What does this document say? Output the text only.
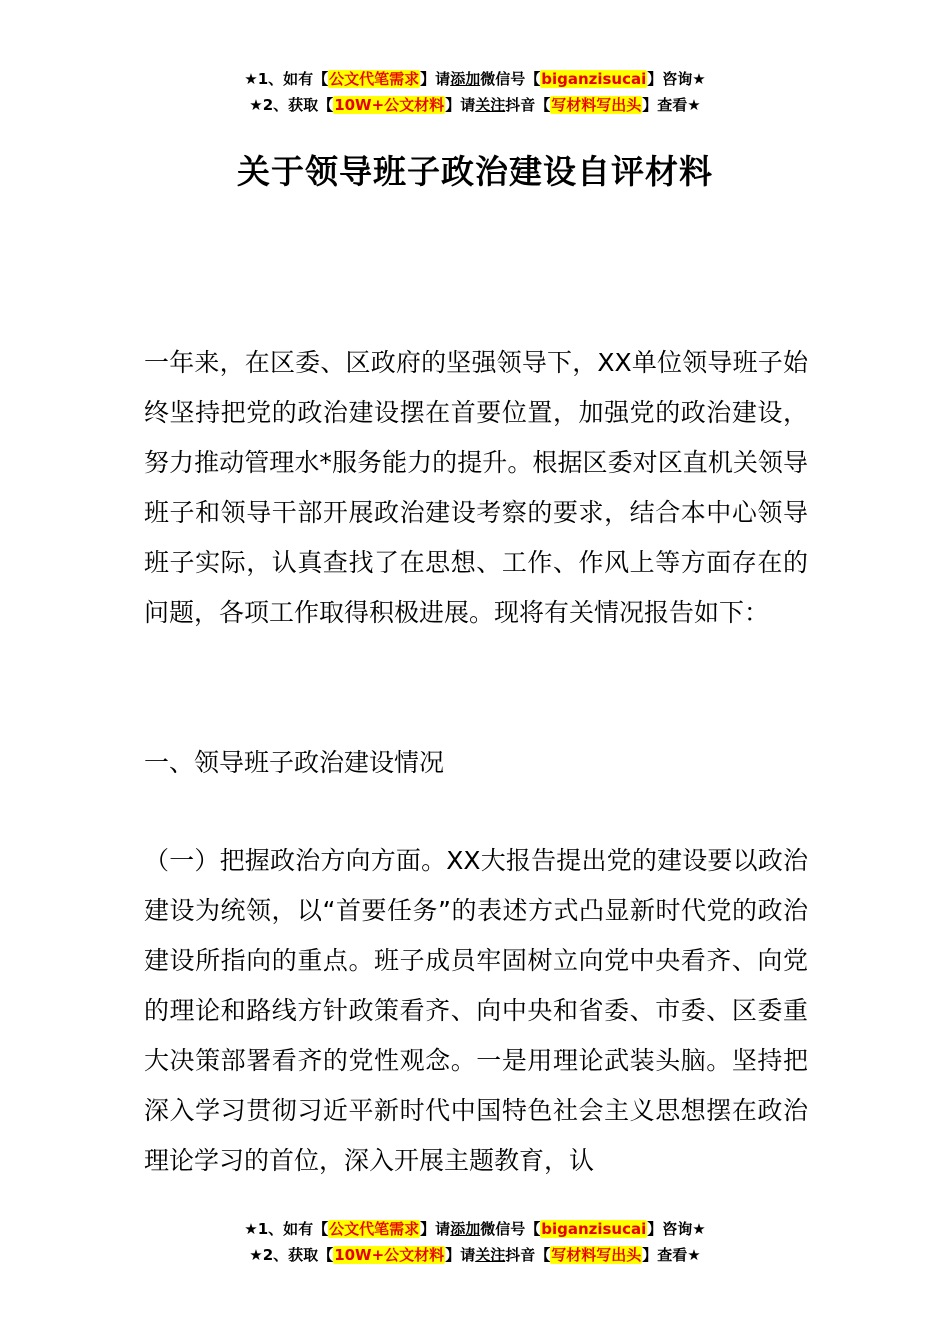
★1、如有【公文代笔需求】请添加微信号【biganzisucai】咨询★
★2、获取【10W+公文材料】请关注抖音【写材料写出头】查看★
关于领导班子政治建设自评材料
一年来，在区委、区政府的坚强领导下，XX单位领导班子始终坚持把党的政治建设摆在首要位置，加强党的政治建设，努力推动管理水*服务能力的提升。根据区委对区直机关领导班子和领导干部开展政治建设考察的要求，结合本中心领导班子实际，认真查找了在思想、工作、作风上等方面存在的问题，各项工作取得积极进展。现将有关情况报告如下：
一、领导班子政治建设情况
（一）把握政治方向方面。XX大报告提出党的建设要以政治建设为统领，以“首要任务”的表述方式凸显新时代党的政治建设所指向的重点。班子成员牢固树立向党中央看齐、向党的理论和路线方针政策看齐、向中央和省委、市委、区委重大决策部署看齐的党性观念。一是用理论武装头脑。坚持把深入学习贯彻习近平新时代中国特色社会主义思想摆在政治理论学习的首位，深入开展主题教育，认
★1、如有【公文代笔需求】请添加微信号【biganzisucai】咨询★
★2、获取【10W+公文材料】请关注抖音【写材料写出头】查看★
